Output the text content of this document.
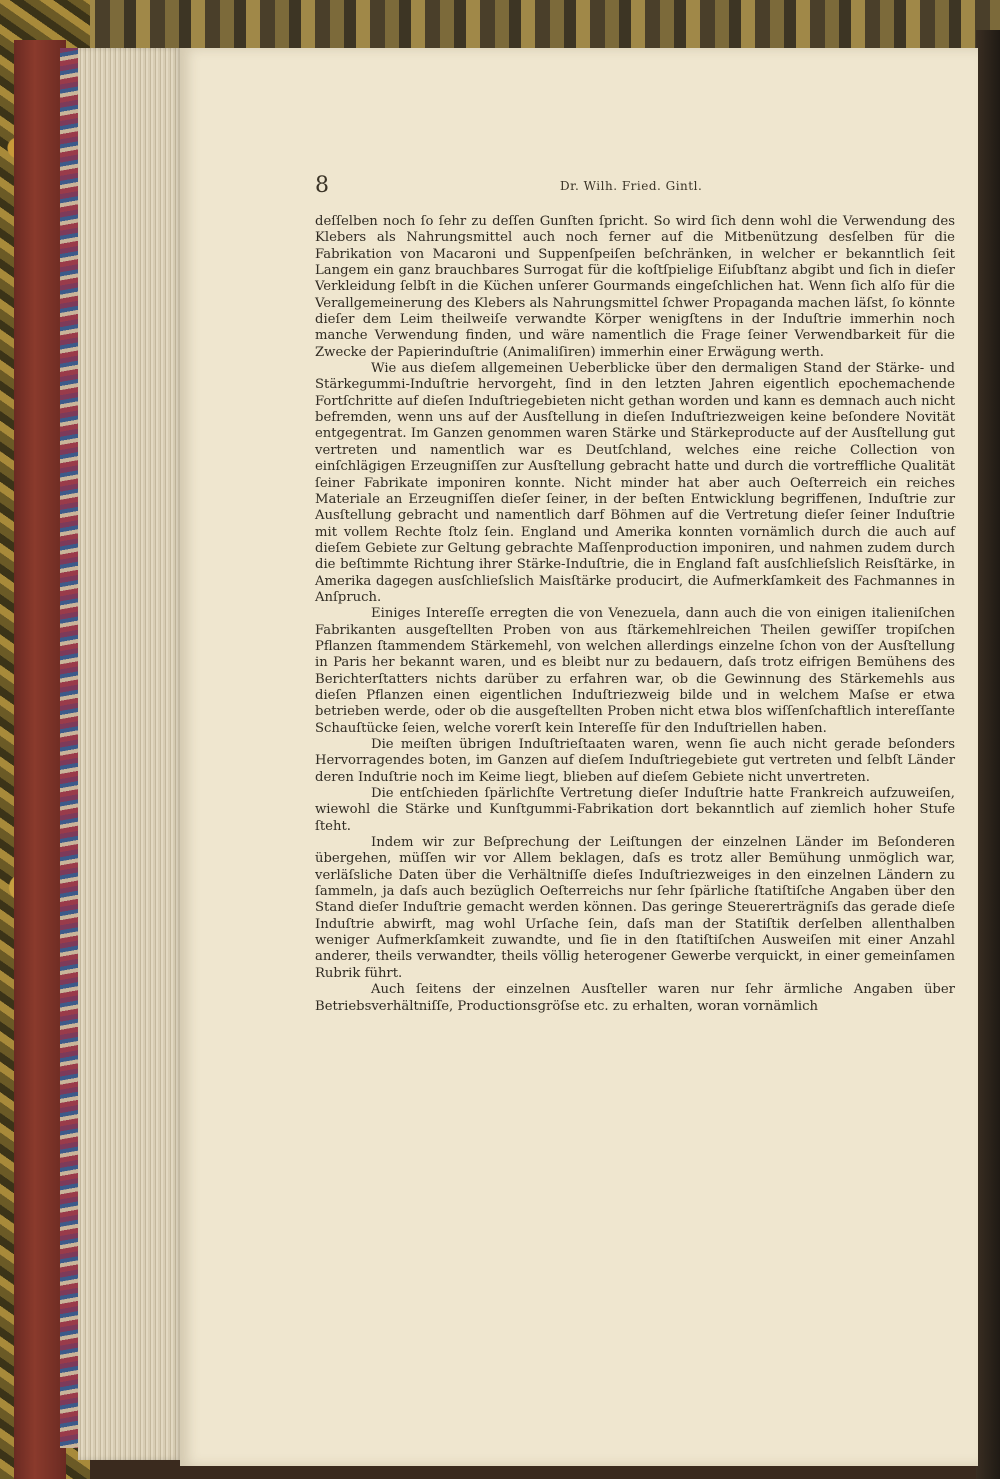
8	Dr. Wilh. Fried. Gintl.

deſſelben noch ſo ſehr zu deſſen Gunſten ſpricht. So wird ſich denn wohl die Verwendung des Klebers als Nahrungsmittel auch noch ferner auf die Mitbenützung desſelben für die Fabrikation von Macaroni und Suppenſpeiſen beſchränken, in welcher er bekanntlich ſeit Langem ein ganz brauchbares Surrogat für die koſtſpielige Eiſubſtanz abgibt und ſich in dieſer Verkleidung ſelbſt in die Küchen unſerer Gourmands eingeſchlichen hat. Wenn ſich alſo für die Verallgemeinerung des Klebers als Nahrungsmittel ſchwer Propaganda machen läſst, ſo könnte dieſer dem Leim theilweiſe verwandte Körper wenigſtens in der Induſtrie immerhin noch manche Verwendung finden, und wäre namentlich die Frage ſeiner Verwendbarkeit für die Zwecke der Papierinduſtrie (Animaliſiren) immerhin einer Erwägung werth.

Wie aus dieſem allgemeinen Ueberblicke über den dermaligen Stand der Stärke- und Stärkegummi-Induſtrie hervorgeht, ſind in den letzten Jahren eigentlich epochemachende Fortſchritte auf dieſen Induſtriegebieten nicht gethan worden und kann es demnach auch nicht befremden, wenn uns auf der Ausſtellung in dieſen Induſtriezweigen keine beſondere Novität entgegentrat. Im Ganzen genommen waren Stärke und Stärkeproducte auf der Ausſtellung gut vertreten und namentlich war es Deutſchland, welches eine reiche Collection von einſchlägigen Erzeugniſſen zur Ausſtellung gebracht hatte und durch die vortreffliche Qualität ſeiner Fabrikate imponiren konnte. Nicht minder hat aber auch Oeſterreich ein reiches Materiale an Erzeugniſſen dieſer ſeiner, in der beſten Entwicklung begriffenen, Induſtrie zur Ausſtellung gebracht und namentlich darf Böhmen auf die Vertretung dieſer ſeiner Induſtrie mit vollem Rechte ſtolz ſein. England und Amerika konnten vornämlich durch die auch auf dieſem Gebiete zur Geltung gebrachte Maſſenproduction imponiren, und nahmen zudem durch die beſtimmte Richtung ihrer Stärke-Induſtrie, die in England faſt ausſchlieſslich Reisſtärke, in Amerika dagegen ausſchlieſslich Maisſtärke producirt, die Aufmerkſamkeit des Fachmannes in Anſpruch.

Einiges Intereſſe erregten die von Venezuela, dann auch die von einigen italieniſchen Fabrikanten ausgeſtellten Proben von aus ſtärkemehlreichen Theilen gewiſſer tropiſchen Pflanzen ſtammendem Stärkemehl, von welchen allerdings einzelne ſchon von der Ausſtellung in Paris her bekannt waren, und es bleibt nur zu bedauern, daſs trotz eifrigen Bemühens des Berichterſtatters nichts darüber zu erfahren war, ob die Gewinnung des Stärkemehls aus dieſen Pflanzen einen eigentlichen Induſtriezweig bilde und in welchem Maſse er etwa betrieben werde, oder ob die ausgeſtellten Proben nicht etwa blos wiſſenſchaftlich intereſſante Schauſtücke ſeien, welche vorerſt kein Intereſſe für den Induſtriellen haben.

Die meiſten übrigen Induſtrieſtaaten waren, wenn ſie auch nicht gerade beſonders Hervorragendes boten, im Ganzen auf dieſem Induſtriegebiete gut vertreten und ſelbſt Länder deren Induſtrie noch im Keime liegt, blieben auf dieſem Gebiete nicht unvertreten.

Die entſchieden ſpärlichſte Vertretung dieſer Induſtrie hatte Frankreich aufzuweiſen, wiewohl die Stärke und Kunſtgummi-Fabrikation dort bekanntlich auf ziemlich hoher Stufe ſteht.

Indem wir zur Beſprechung der Leiſtungen der einzelnen Länder im Beſonderen übergehen, müſſen wir vor Allem beklagen, daſs es trotz aller Bemühung unmöglich war, verläſsliche Daten über die Verhältniſſe dieſes Induſtriezweiges in den einzelnen Ländern zu ſammeln, ja daſs auch bezüglich Oeſterreichs nur ſehr ſpärliche ſtatiſtiſche Angaben über den Stand dieſer Induſtrie gemacht werden können. Das geringe Steuererträgniſs das gerade dieſe Induſtrie abwirft, mag wohl Urſache ſein, daſs man der Statiſtik derſelben allenthalben weniger Aufmerkſamkeit zuwandte, und ſie in den ſtatiſtiſchen Ausweiſen mit einer Anzahl anderer, theils verwandter, theils völlig heterogener Gewerbe verquickt, in einer gemeinſamen Rubrik führt.

Auch ſeitens der einzelnen Ausſteller waren nur ſehr ärmliche Angaben über Betriebsverhältniſſe, Productionsgröſse etc. zu erhalten, woran vornämlich
